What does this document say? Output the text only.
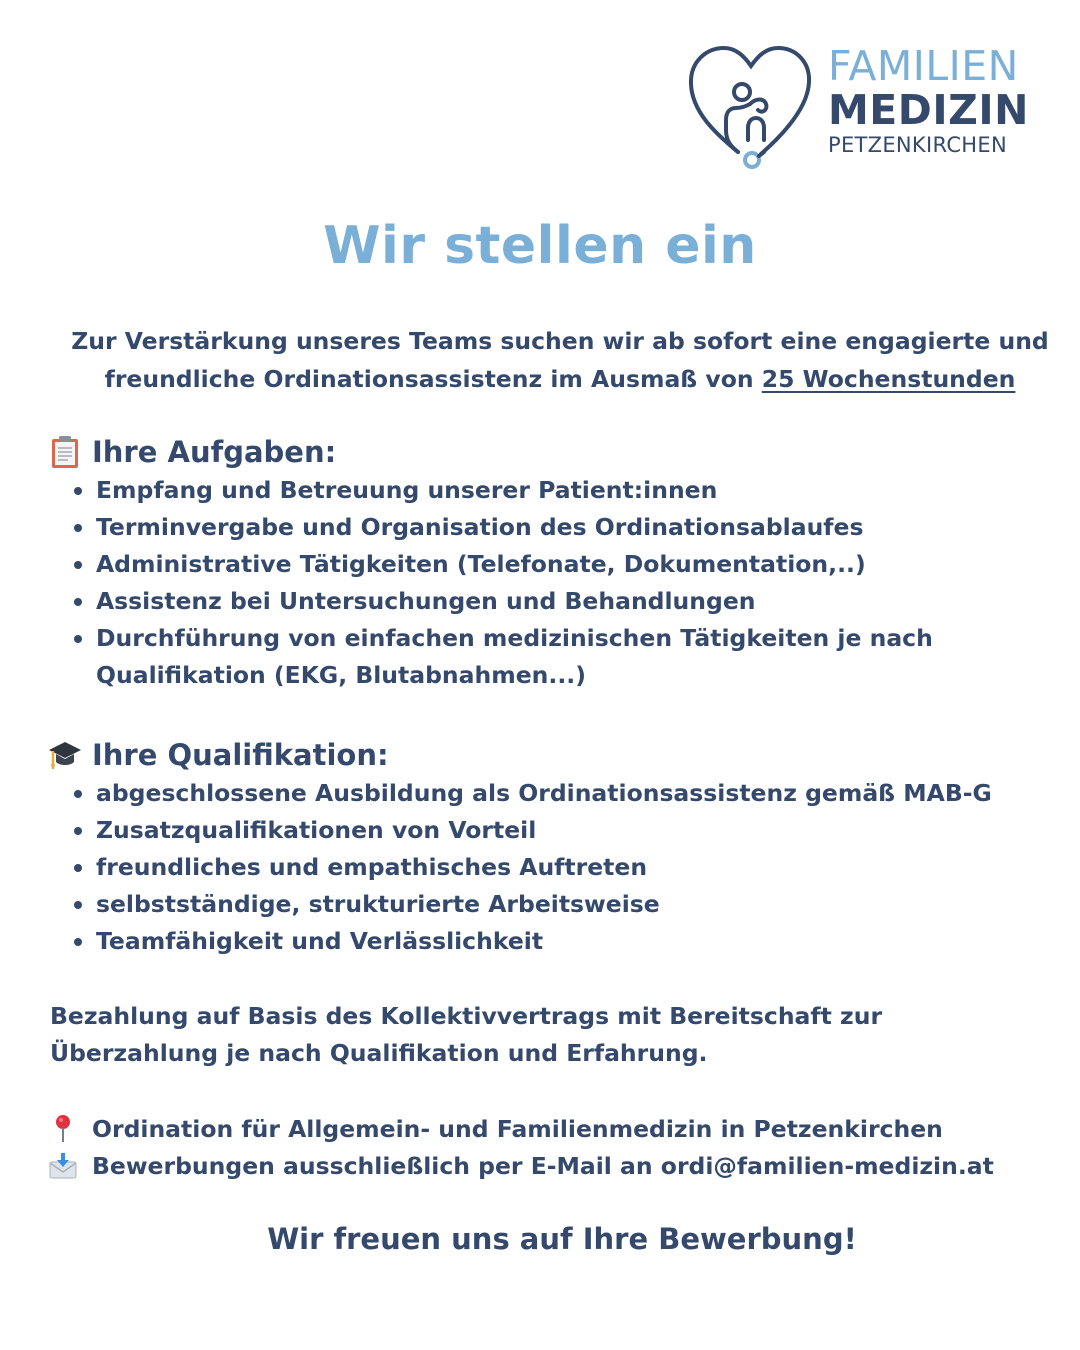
FAMILIEN
MEDIZIN
PETZENKIRCHEN
Wir stellen ein
Zur Verstärkung unseres Teams suchen wir ab sofort eine engagierte und freundliche Ordinationsassistenz im Ausmaß von 25 Wochenstunden
Ihre Aufgaben:
Empfang und Betreuung unserer Patient:innen
Terminvergabe und Organisation des Ordinationsablaufes
Administrative Tätigkeiten (Telefonate, Dokumentation,..)
Assistenz bei Untersuchungen und Behandlungen
Durchführung von einfachen medizinischen Tätigkeiten je nach Qualifikation (EKG, Blutabnahmen...)
Ihre Qualifikation:
abgeschlossene Ausbildung als Ordinationsassistenz gemäß MAB-G
Zusatzqualifikationen von Vorteil
freundliches und empathisches Auftreten
selbstständige, strukturierte Arbeitsweise
Teamfähigkeit und Verlässlichkeit
Bezahlung auf Basis des Kollektivvertrags mit Bereitschaft zur Überzahlung je nach Qualifikation und Erfahrung.
Ordination für Allgemein- und Familienmedizin in Petzenkirchen
Bewerbungen ausschließlich per E-Mail an ordi@familien-medizin.at
Wir freuen uns auf Ihre Bewerbung!
